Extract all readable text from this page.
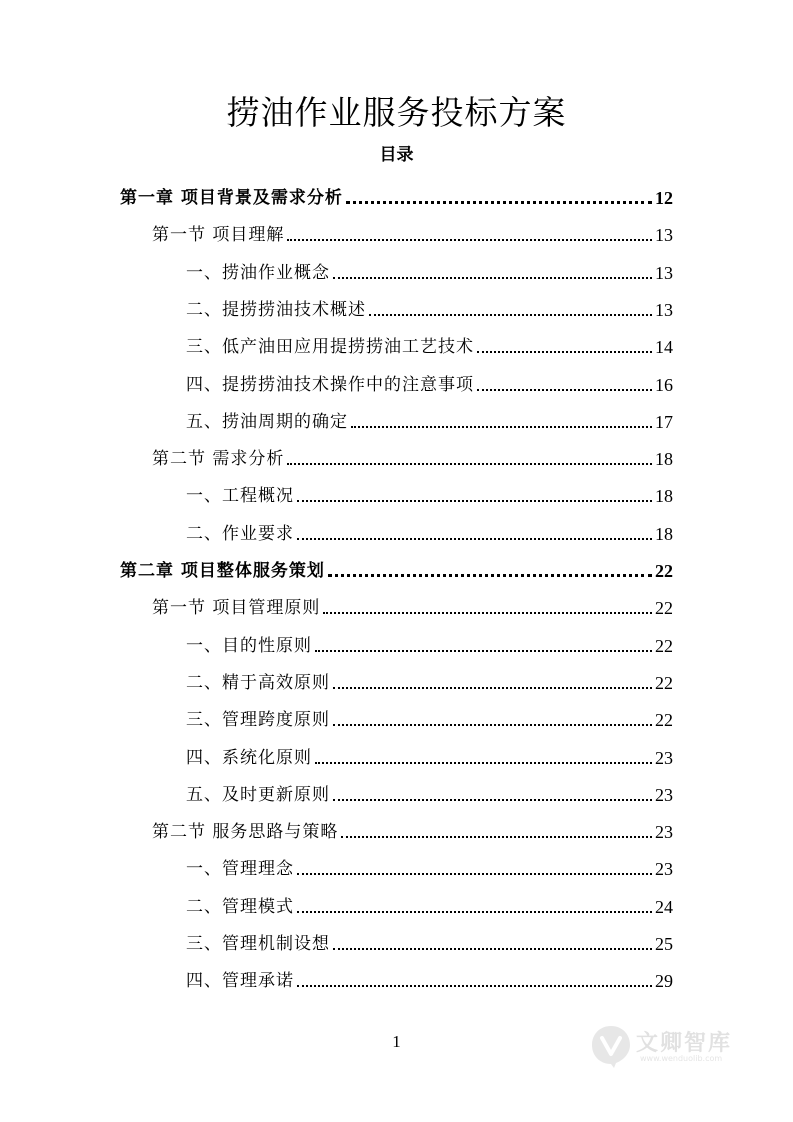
捞油作业服务投标方案
目录
第一章 项目背景及需求分析	12
第一节 项目理解	13
一、捞油作业概念	13
二、提捞捞油技术概述	13
三、低产油田应用提捞捞油工艺技术	14
四、提捞捞油技术操作中的注意事项	16
五、捞油周期的确定	17
第二节 需求分析	18
一、工程概况	18
二、作业要求	18
第二章 项目整体服务策划	22
第一节 项目管理原则	22
一、目的性原则	22
二、精于高效原则	22
三、管理跨度原则	22
四、系统化原则	23
五、及时更新原则	23
第二节 服务思路与策略	23
一、管理理念	23
二、管理模式	24
三、管理机制设想	25
四、管理承诺	29
1	文卿智库
www.wenduolib.com
